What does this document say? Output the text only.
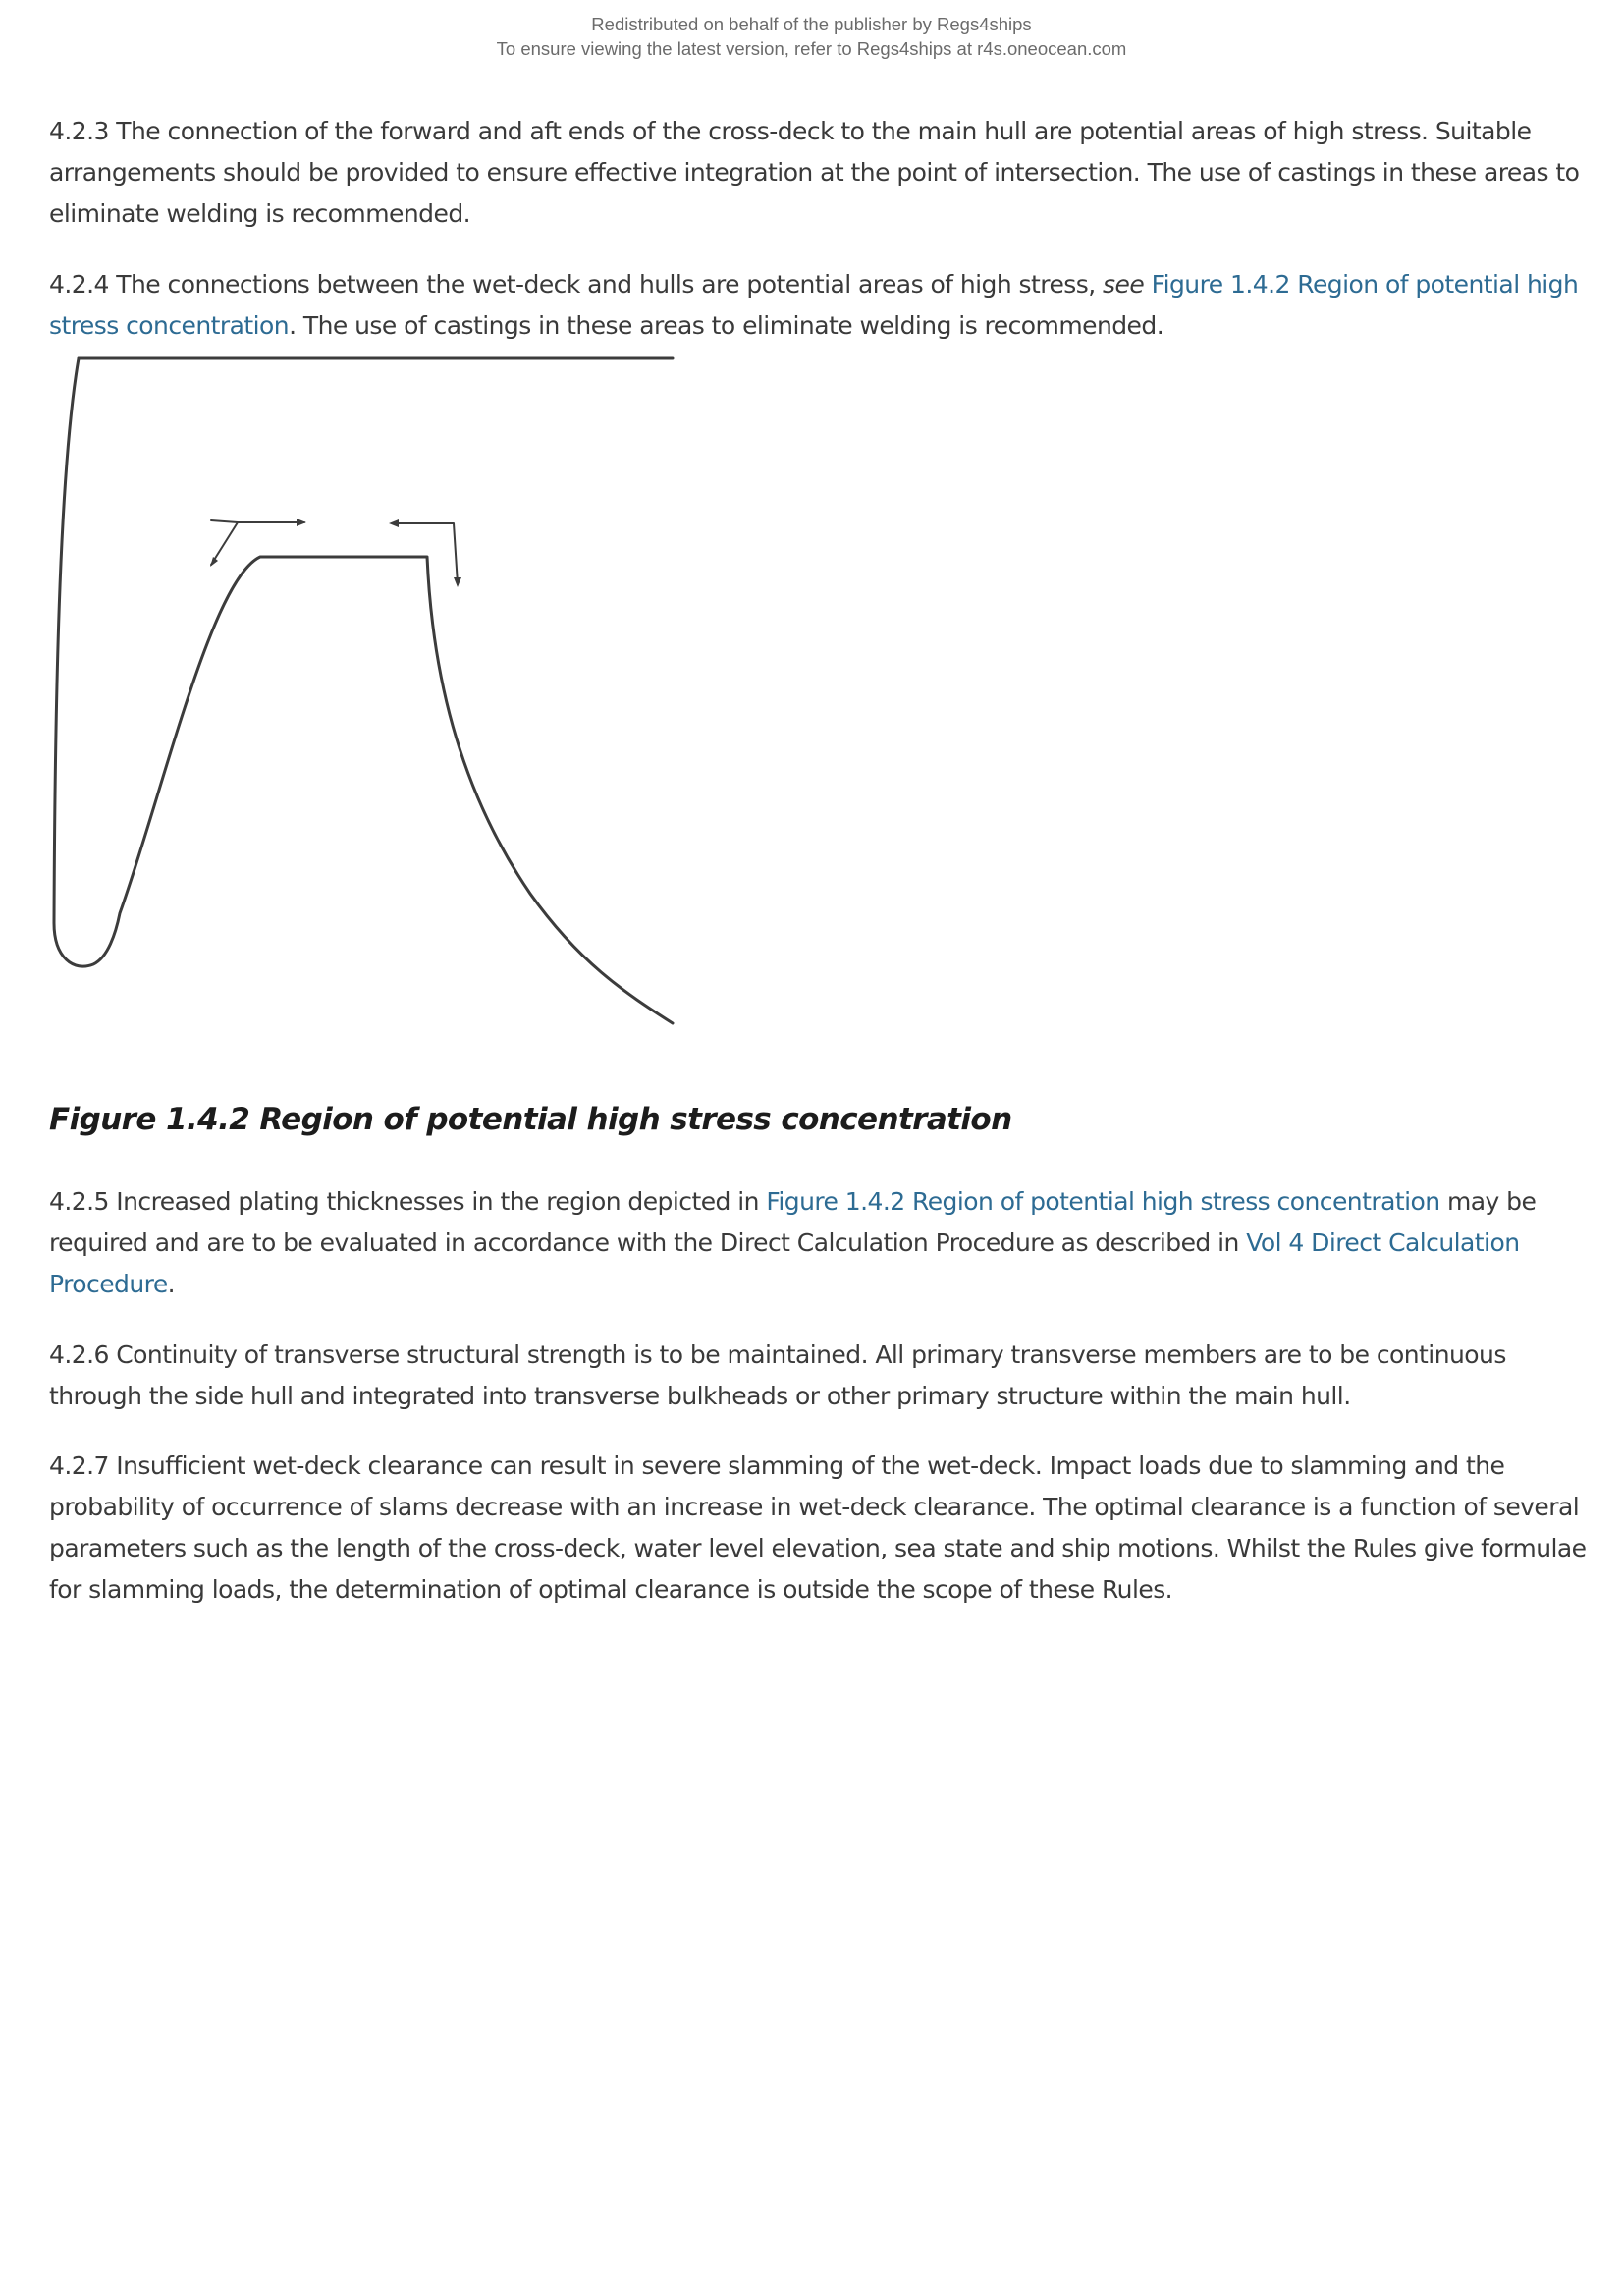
Redistributed on behalf of the publisher by Regs4ships
To ensure viewing the latest version, refer to Regs4ships at r4s.oneocean.com

4.2.3 The connection of the forward and aft ends of the cross-deck to the main hull are potential areas of high stress. Suitable arrangements should be provided to ensure effective integration at the point of intersection. The use of castings in these areas to eliminate welding is recommended.

4.2.4 The connections between the wet-deck and hulls are potential areas of high stress, see Figure 1.4.2 Region of potential high stress concentration. The use of castings in these areas to eliminate welding is recommended.

Figure 1.4.2 Region of potential high stress concentration

4.2.5 Increased plating thicknesses in the region depicted in Figure 1.4.2 Region of potential high stress concentration may be required and are to be evaluated in accordance with the Direct Calculation Procedure as described in Vol 4 Direct Calculation Procedure.

4.2.6 Continuity of transverse structural strength is to be maintained. All primary transverse members are to be continuous through the side hull and integrated into transverse bulkheads or other primary structure within the main hull.

4.2.7 Insufficient wet-deck clearance can result in severe slamming of the wet-deck. Impact loads due to slamming and the probability of occurrence of slams decrease with an increase in wet-deck clearance. The optimal clearance is a function of several parameters such as the length of the cross-deck, water level elevation, sea state and ship motions. Whilst the Rules give formulae for slamming loads, the determination of optimal clearance is outside the scope of these Rules.
